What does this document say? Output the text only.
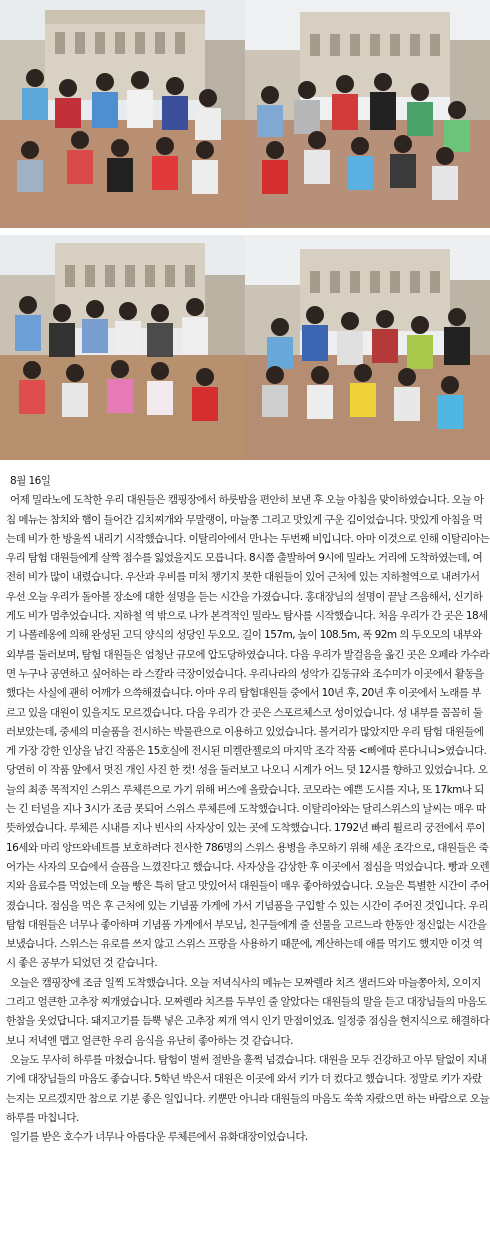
8월 16일

어제 밀라노에 도착한 우리 대원들은 캠핑장에서 하룻밤을 편안히 보낸 후 오늘 아침을 맞이하였습니다. 오늘 아침 메뉴는 참치와 햄이 들어간 김치찌개와 무말랭이, 마늘쫑 그리고 맛있게 구운 김이었습니다. 맛있게 아침을 먹는데 비가 한 방울씩 내리기 시작했습니다. 이탈리아에서 만나는 두번째 비입니다. 아마 이것으로 인해 이탈리아는 우리 탐험 대원들에게 살짝 점수를 잃었을지도 모릅니다. 8시쯤 출발하여 9시에 밀라노 거리에 도착하였는데, 여전히 비가 많이 내렸습니다. 우산과 우비를 미처 챙기지 못한 대원들이 있어 근처에 있는 지하철역으로 내려가서 우선 오늘 우리가 돌아볼 장소에 대한 설명을 듣는 시간을 가졌습니다. 홍대장님의 설명이 끝날 즈음해서, 신기하게도 비가 멈추었습니다. 지하철 역 밖으로 나가 본격적인 밀라노 탐사를 시작했습니다. 처음 우리가 간 곳은 18세기 나폴레옹에 의해 완성된 고딕 양식의 성당인 두오모. 길이 157m, 높이 108.5m, 폭 92m 의 두오모의 내부와 외부를 둘러보며, 탐험 대원들은 엄청난 규모에 압도당하였습니다. 다음 우리가 발걸음을 옮긴 곳은 오페라 가수라면 누구나 공연하고 싶어하는 라 스칼라 극장이었습니다. 우리나라의 성악가 김동규와 조수미가 이곳에서 활동을 했다는 사실에 괜히 어깨가 으쓱해졌습니다. 아마 우리 탐험대원들 중에서 10년 후, 20년 후 이곳에서 노래를 부르고 있을 대원이 있을지도 모르겠습니다. 다음 우리가 간 곳은 스포르체스코 성이었습니다. 성 내부를 꼼꼼히 둘러보았는데, 중세의 미술품을 전시하는 박물관으로 이용하고 있었습니다. 볼거리가 많았지만 우리 탐험 대원들에게 가장 강한 인상을 남긴 작품은 15호실에 전시된 미켈란젤로의 마지막 조각 작품 <삐에따 론다니니>였습니다. 당연히 이 작품 앞에서 멋진 개인 사진 한 컷! 성을 둘러보고 나오니 시계가 어느 덧 12시를 향하고 있었습니다. 오늘의 최종 목적지인 스위스 루체른으로 가기 위해 버스에 올랐습니다. 코모라는 예쁜 도시를 지나, 또 17km나 되는 긴 터널을 지나 3시가 조금 못되어 스위스 루체른에 도착했습니다. 이탈리아와는 달리스위스의 날씨는 매우 따뜻하였습니다. 루체른 시내를 지나 빈사의 사자상이 있는 곳에 도착했습니다. 1792년 빠리 튈르리 궁전에서 루이 16세와 마리 앙뜨와네트를 보호하려다 전사한 786명의 스위스 용병을 추모하기 위해 세운 조각으로, 대원들은 죽어가는 사자의 모습에서 슬픔을 느꼈진다고 했습니다. 사자상을 감상한 후 이곳에서 점심을 먹었습니다. 빵과 오렌지와 음료수를 먹었는데 오늘 빵은 특히 달고 맛있어서 대원들이 매우 좋아하였습니다. 오늘은 특별한 시간이 주어졌습니다. 점심을 먹은 후 근처에 있는 기념품 가게에 가서 기념품을 구입할 수 있는 시간이 주어진 것입니다. 우리 탐험 대원들은 너무나 좋아하며 기념품 가게에서 부모님, 친구들에게 줄 선물을 고르느라 한동안 정신없는 시간을 보냈습니다. 스위스는 유로를 쓰지 않고 스위스 프랑을 사용하기 때문에, 계산하는데 애를 먹기도 했지만 이것 역시 좋은 공부가 되었던 것 같습니다.

오늘은 캠핑장에 조금 일찍 도착했습니다. 오늘 저녁식사의 메뉴는 모짜렐라 치즈 샐러드와 마늘쫑아치, 오이지 그리고 얼큰한 고추장 찌개였습니다. 모짜렐라 치즈를 두부인 줄 알았다는 대원들의 말을 듣고 대장님들의 마음도 한참을 웃었답니다. 돼지고기를 듬뿍 넣은 고추장 찌개 역시 인기 만점이었죠. 일정중 점심을 현지식으로 해결하다 보니 저녁엔 맵고 얼큰한 우리 음식을 유난히 좋아하는 것 같습니다.

오늘도 무사히 하루를 마쳤습니다. 탐험이 벌써 절반을 훌쩍 넘겼습니다. 대원을 모두 건강하고 아무 탈없이 지내기에 대장님들의 마음도 좋습니다. 5학년 박은서 대원은 이곳에 와서 키가 더 컸다고 했습니다. 정말로 키가 자랐는지는 모르겠지만 참으로 기분 좋은 일입니다. 키뿐만 아니라 대원들의 마음도 쑥쑥 자랐으면 하는 바람으로 오늘 하루를 마칩니다.

일기를 받은 호수가 너무나 아름다운 루체른에서 유화대장이었습니다.
